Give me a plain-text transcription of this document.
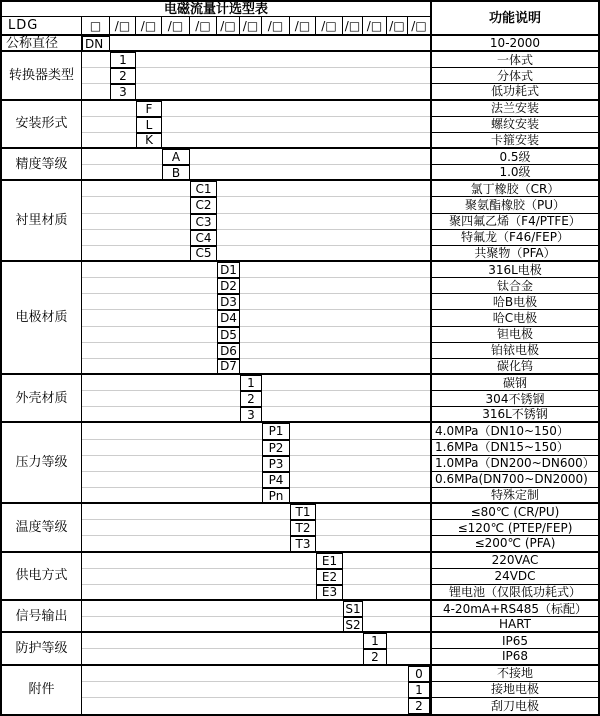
电磁流量计选型表
功能说明
LDG	□	/□ /□ /□	/□ /□ /□ /□ /□ /□ /□ /□ /□ /□
公称直径	DN	10-2000
转换器类型
1	一体式
2	分体式
3	低功耗式
安装形式
F	法兰安装
L	螺纹安装
K	卡箍安装
精度等级	A	0.5级
B	1.0级
衬里材质
C1	氯丁橡胶（CR）
C2	聚氨酯橡胶（PU）
C3	聚四氟乙烯（F4/PTFE）
C4	特氟龙（F46/FEP）
C5	共聚物（PFA）
电极材质
D1	316L电极
D2	钛合金
D3	哈B电极
D4	哈C电极
D5	钽电极
D6	铂铱电极
D7	碳化钨
外壳材质
1	碳钢
2	304不锈钢
3	316L不锈钢
压力等级
P1	4.0MPa（DN10~150）
P2	1.6MPa（DN15~150）
P3	1.0MPa（DN200~DN600）
P4	0.6MPa(DN700~DN2000)
Pn	特殊定制
温度等级
T1	≤80℃ (CR/PU)
T2	≤120℃ (PTEP/FEP)
T3	≤200℃ (PFA)
供电方式
E1	220VAC
E2	24VDC
E3	锂电池（仅限低功耗式）
信号输出	S1	4-20mA+RS485（标配）
S2	HART
防护等级	1	IP65
2	IP68
附件
0	不接地
1	接地电极
2	刮刀电极
